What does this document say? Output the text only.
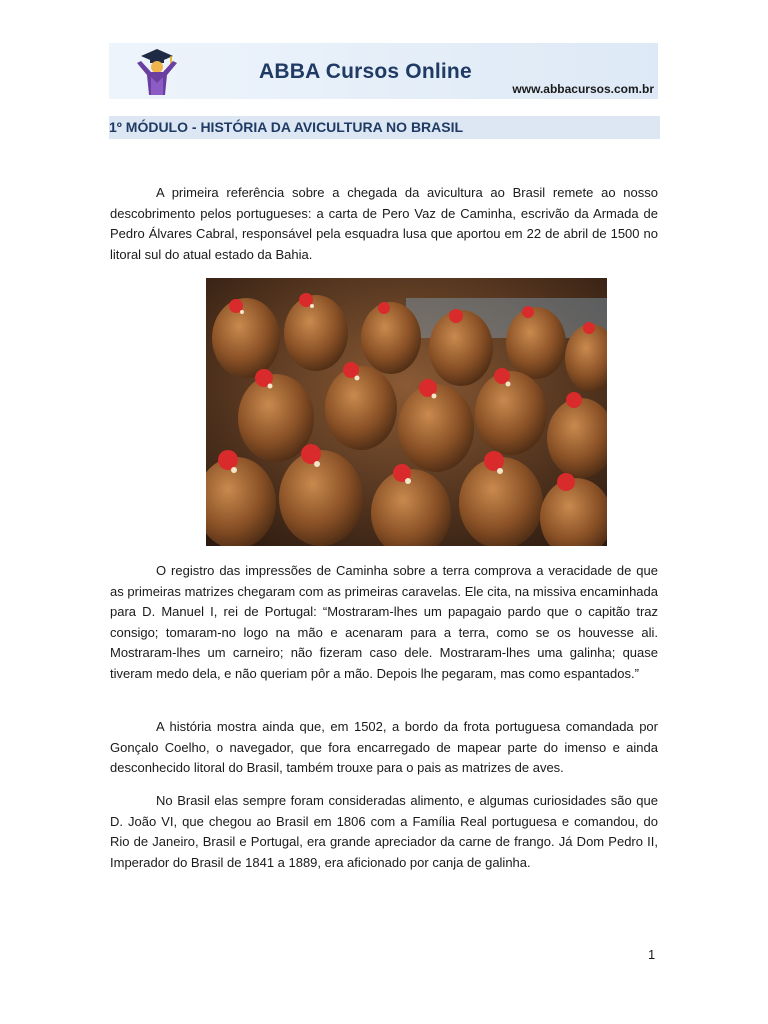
ABBA Cursos Online
www.abbacursos.com.br
1º MÓDULO - HISTÓRIA DA AVICULTURA NO BRASIL

A primeira referência sobre a chegada da avicultura ao Brasil remete ao nosso descobrimento pelos portugueses: a carta de Pero Vaz de Caminha, escrivão da Armada de Pedro Álvares Cabral, responsável pela esquadra lusa que aportou em 22 de abril de 1500 no litoral sul do atual estado da Bahia.

O registro das impressões de Caminha sobre a terra comprova a veracidade de que as primeiras matrizes chegaram com as primeiras caravelas. Ele cita, na missiva encaminhada para D. Manuel I, rei de Portugal: “Mostraram-lhes um papagaio pardo que o capitão traz consigo; tomaram-no logo na mão e acenaram para a terra, como se os houvesse ali. Mostraram-lhes um carneiro; não fizeram caso dele. Mostraram-lhes uma galinha; quase tiveram medo dela, e não queriam pôr a mão. Depois lhe pegaram, mas como espantados.”

A história mostra ainda que, em 1502, a bordo da frota portuguesa comandada por Gonçalo Coelho, o navegador, que fora encarregado de mapear parte do imenso e ainda desconhecido litoral do Brasil, também trouxe para o pais as matrizes de aves.

No Brasil elas sempre foram consideradas alimento, e algumas curiosidades são que D. João VI, que chegou ao Brasil em 1806 com a Família Real portuguesa e comandou, do Rio de Janeiro, Brasil e Portugal, era grande apreciador da carne de frango. Já Dom Pedro II, Imperador do Brasil de 1841 a 1889, era aficionado por canja de galinha.

1
